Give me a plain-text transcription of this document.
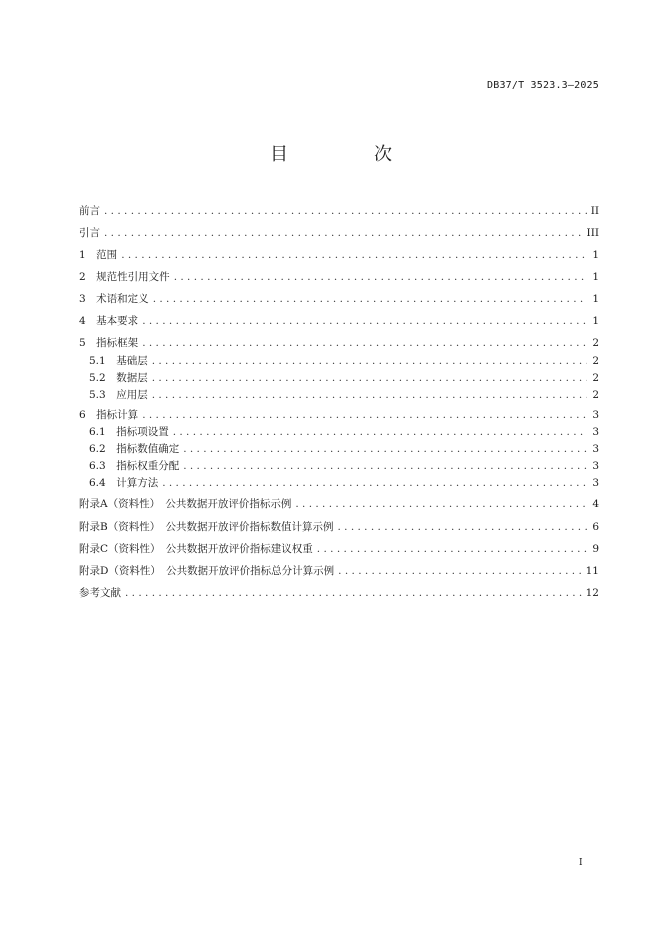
DB37/T 3523.3—2025
目　次
前言 . . .	II
引言 . . .	III
1　范围 . . .	1
2　规范性引用文件 . . .	1
3　术语和定义 . . .	1
4　基本要求 . . .	1
5　指标框架 . . .	2
5.1　基础层 . . .	2
5.2　数据层 . . .	2
5.3　应用层 . . .	2
6　指标计算 . . .	3
6.1　指标项设置 . . .	3
6.2　指标数值确定 . . .	3
6.3　指标权重分配 . . .	3
6.4　计算方法 . . .	3
附录A（资料性）　公共数据开放评价指标示例 . . .	4
附录B（资料性）　公共数据开放评价指标数值计算示例 . . .	6
附录C（资料性）　公共数据开放评价指标建议权重 . . .	9
附录D（资料性）　公共数据开放评价指标总分计算示例 . . .	11
参考文献 . . .	12
I
